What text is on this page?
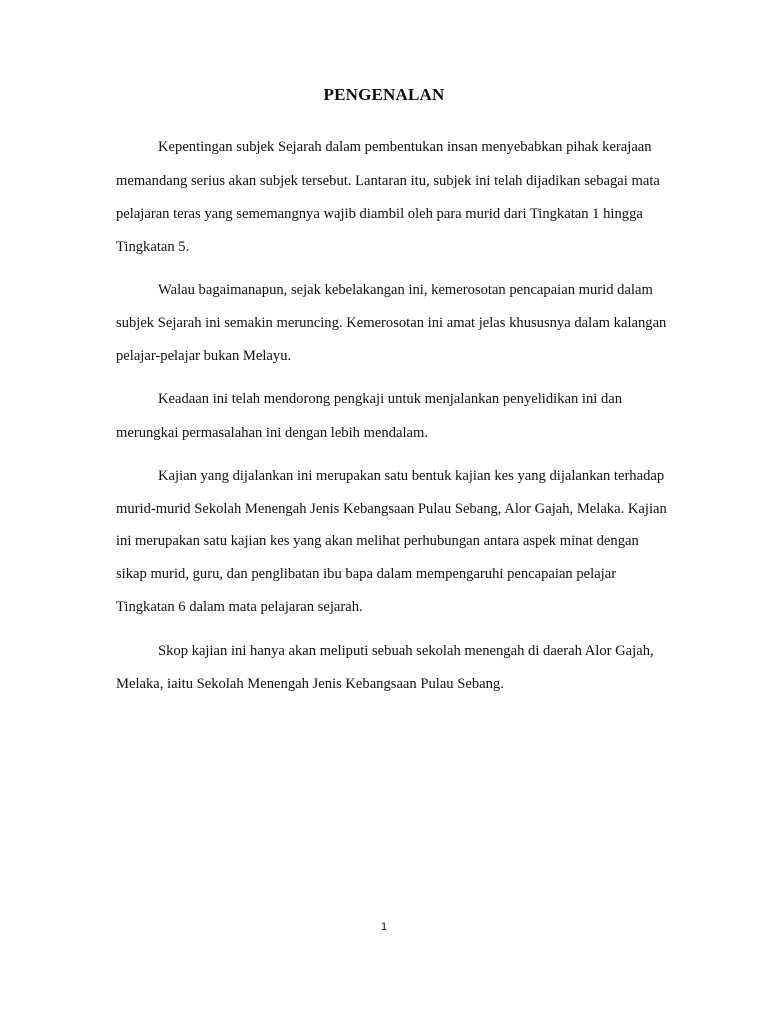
PENGENALAN
Kepentingan subjek Sejarah dalam pembentukan insan menyebabkan pihak kerajaan
memandang serius akan subjek tersebut. Lantaran itu, subjek ini telah dijadikan sebagai mata
pelajaran teras yang sememangnya wajib diambil oleh para murid dari Tingkatan 1 hingga
Tingkatan 5.
Walau bagaimanapun, sejak kebelakangan ini, kemerosotan pencapaian murid dalam
subjek Sejarah ini semakin meruncing. Kemerosotan ini amat jelas khususnya dalam kalangan
pelajar-pelajar bukan Melayu.
Keadaan ini telah mendorong pengkaji untuk menjalankan penyelidikan ini dan
merungkai permasalahan ini dengan lebih mendalam.
Kajian yang dijalankan ini merupakan satu bentuk kajian kes yang dijalankan terhadap
murid-murid Sekolah Menengah Jenis Kebangsaan Pulau Sebang, Alor Gajah, Melaka. Kajian
ini merupakan satu kajian kes yang akan melihat perhubungan antara aspek minat dengan
sikap murid, guru, dan penglibatan ibu bapa dalam mempengaruhi pencapaian pelajar
Tingkatan 6 dalam mata pelajaran sejarah.
Skop kajian ini hanya akan meliputi sebuah sekolah menengah di daerah Alor Gajah,
Melaka, iaitu Sekolah Menengah Jenis Kebangsaan Pulau Sebang.
1
